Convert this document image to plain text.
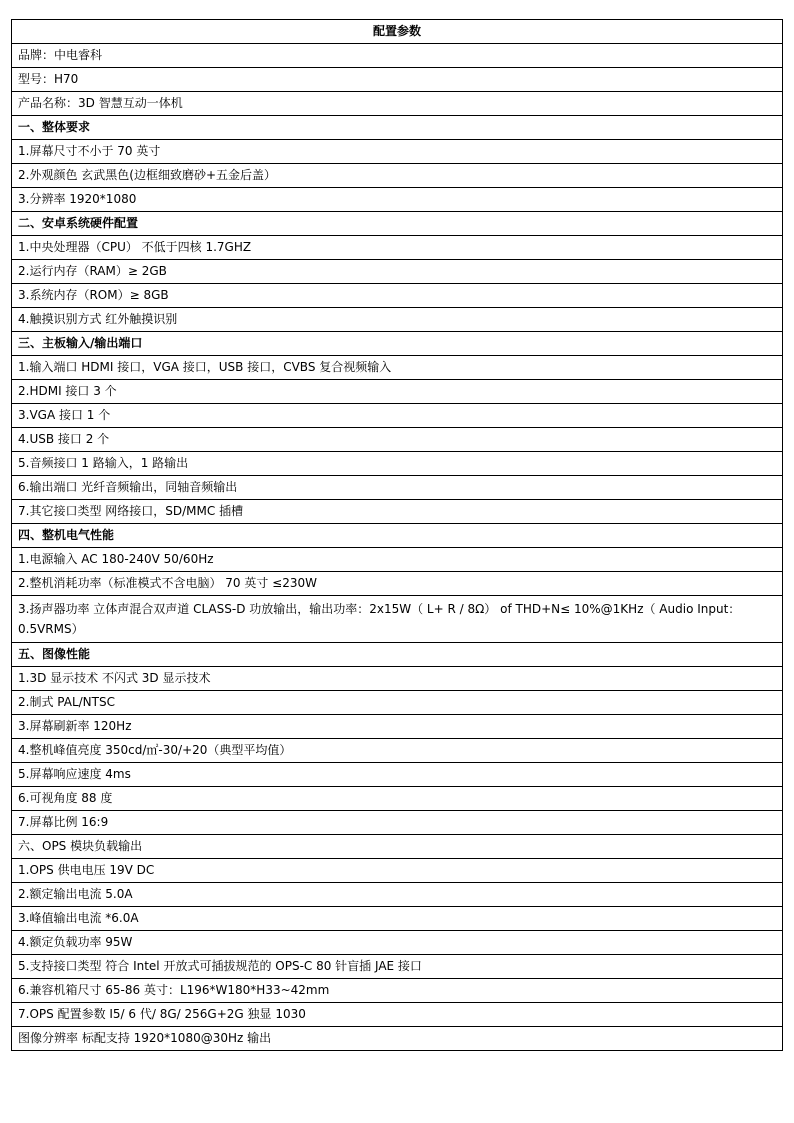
配置参数
品牌：中电睿科
型号：H70
产品名称：3D 智慧互动一体机
一、整体要求
1.屏幕尺寸不小于 70 英寸
2.外观颜色 玄武黑色(边框细致磨砂+五金后盖）
3.分辨率 1920*1080
二、安卓系统硬件配置
1.中央处理器（CPU） 不低于四核 1.7GHZ
2.运行内存（RAM）≥ 2GB
3.系统内存（ROM）≥ 8GB
4.触摸识别方式 红外触摸识别
三、主板输入/输出端口
1.输入端口 HDMI 接口，VGA 接口，USB 接口，CVBS 复合视频输入
2.HDMI 接口 3 个
3.VGA 接口 1 个
4.USB 接口 2 个
5.音频接口 1 路输入，1 路输出
6.输出端口 光纤音频输出，同轴音频输出
7.其它接口类型 网络接口，SD/MMC 插槽
四、整机电气性能
1.电源输入 AC 180-240V 50/60Hz
2.整机消耗功率（标准模式不含电脑） 70 英寸 ≤230W
3.扬声器功率 立体声混合双声道 CLASS-D 功放输出，输出功率：2x15W（ L+ R / 8Ω） of THD+N≤ 10%@1KHz（ Audio Input：0.5VRMS）
五、图像性能
1.3D 显示技术 不闪式 3D 显示技术
2.制式 PAL/NTSC
3.屏幕刷新率 120Hz
4.整机峰值亮度 350cd/㎡-30/+20（典型平均值）
5.屏幕响应速度 4ms
6.可视角度 88 度
7.屏幕比例 16:9
六、OPS 模块负载输出
1.OPS 供电电压 19V DC
2.额定输出电流 5.0A
3.峰值输出电流 *6.0A
4.额定负载功率 95W
5.支持接口类型 符合 Intel 开放式可插拔规范的 OPS-C 80 针盲插 JAE 接口
6.兼容机箱尺寸 65-86 英寸：L196*W180*H33~42mm
7.OPS 配置参数 I5/ 6 代/ 8G/ 256G+2G 独显 1030
图像分辨率 标配支持 1920*1080@30Hz 输出
